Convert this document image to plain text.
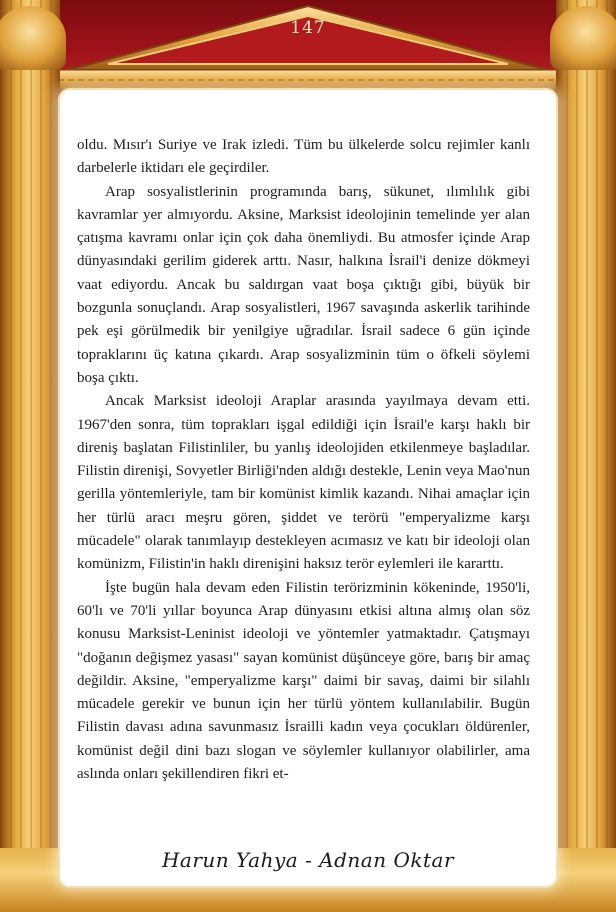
147

oldu. Mısır'ı Suriye ve Irak izledi. Tüm bu ülkelerde solcu rejimler kanlı darbelerle iktidarı ele geçirdiler.

Arap sosyalistlerinin programında barış, sükunet, ılımlılık gibi kavramlar yer almıyordu. Aksine, Marksist ideolojinin temelinde yer alan çatışma kavramı onlar için çok daha önemliydi. Bu atmosfer içinde Arap dünyasındaki gerilim giderek arttı. Nasır, halkına İsrail'i denize dökmeyi vaat ediyordu. Ancak bu saldırgan vaat boşa çıktığı gibi, büyük bir bozgunla sonuçlandı. Arap sosyalistleri, 1967 savaşında askerlik tarihinde pek eşi görülmedik bir yenilgiye uğradılar. İsrail sadece 6 gün içinde topraklarını üç katına çıkardı. Arap sosyalizminin tüm o öfkeli söylemi boşa çıktı.

Ancak Marksist ideoloji Araplar arasında yayılmaya devam etti. 1967'den sonra, tüm toprakları işgal edildiği için İsrail'e karşı haklı bir direniş başlatan Filistinliler, bu yanlış ideolojiden etkilenmeye başladılar. Filistin direnişi, Sovyetler Birliği'nden aldığı destekle, Lenin veya Mao'nun gerilla yöntemleriyle, tam bir komünist kimlik kazandı. Nihai amaçlar için her türlü aracı meşru gören, şiddet ve terörü "emperyalizme karşı mücadele" olarak tanımlayıp destekleyen acımasız ve katı bir ideoloji olan komünizm, Filistin'in haklı direnişini haksız terör eylemleri ile kararttı.

İşte bugün hala devam eden Filistin terörizminin kökeninde, 1950'li, 60'lı ve 70'li yıllar boyunca Arap dünyasını etkisi altına almış olan söz konusu Marksist-Leninist ideoloji ve yöntemler yatmaktadır. Çatışmayı "doğanın değişmez yasası" sayan komünist düşünceye göre, barış bir amaç değildir. Aksine, "emperyalizme karşı" daimi bir savaş, daimi bir silahlı mücadele gerekir ve bunun için her türlü yöntem kullanılabilir. Bugün Filistin davası adına savunmasız İsrailli kadın veya çocukları öldürenler, komünist değil dini bazı slogan ve söylemler kullanıyor olabilirler, ama aslında onları şekillendiren fikri et-

Harun Yahya - Adnan Oktar
